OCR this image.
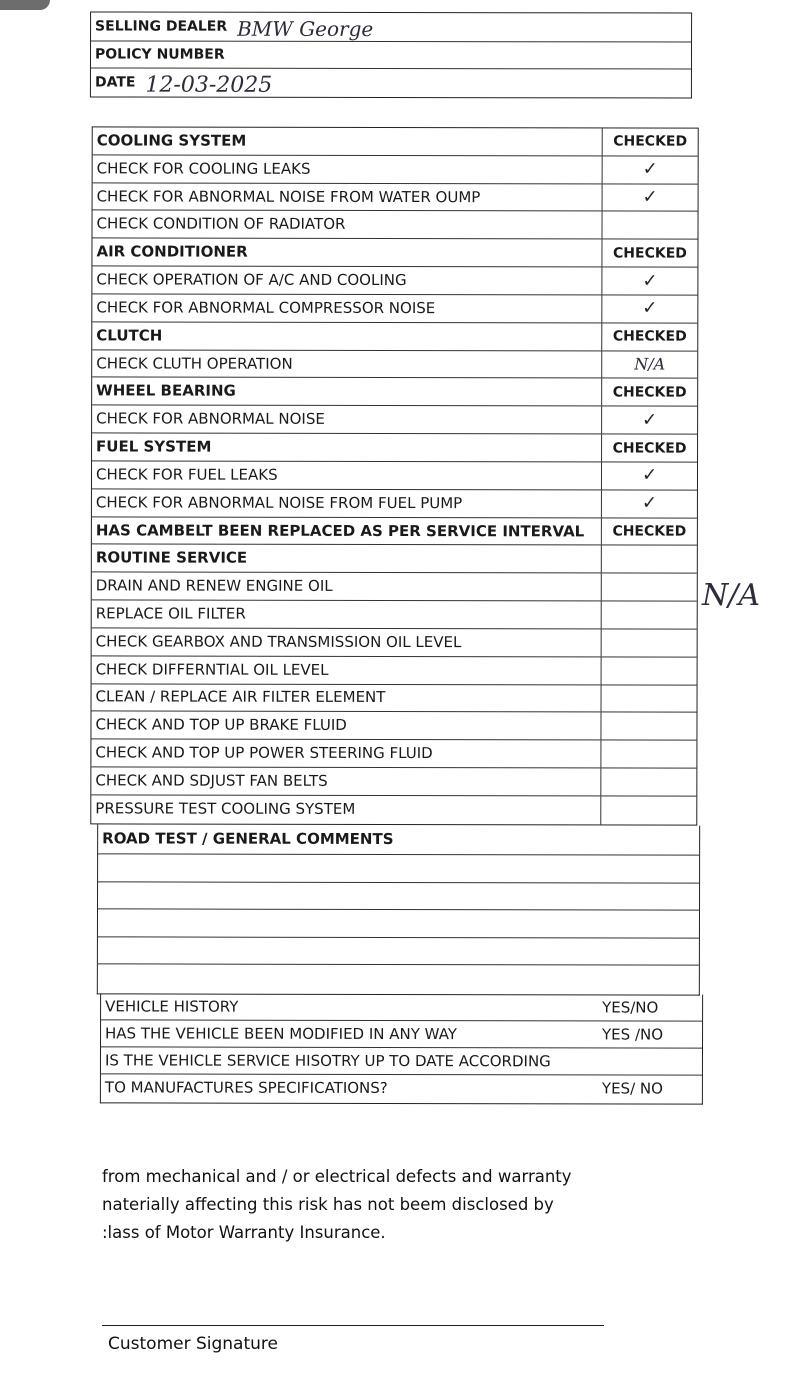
SELLING DEALER BMW George
POLICY NUMBER
DATE 12-03-2025
COOLING SYSTEM	CHECKED
CHECK FOR COOLING LEAKS	✓
CHECK FOR ABNORMAL NOISE FROM WATER OUMP	✓
CHECK CONDITION OF RADIATOR
AIR CONDITIONER	CHECKED
CHECK OPERATION OF A/C AND COOLING	✓
CHECK FOR ABNORMAL COMPRESSOR NOISE	✓
CLUTCH	CHECKED
CHECK CLUTH OPERATION	N/A
WHEEL BEARING	CHECKED
CHECK FOR ABNORMAL NOISE	✓
FUEL SYSTEM	CHECKED
CHECK FOR FUEL LEAKS	✓
CHECK FOR ABNORMAL NOISE FROM FUEL PUMP	✓
HAS CAMBELT BEEN REPLACED AS PER SERVICE INTERVAL	CHECKED
ROUTINE SERVICE
DRAIN AND RENEW ENGINE OIL
REPLACE OIL FILTER
CHECK GEARBOX AND TRANSMISSION OIL LEVEL
CHECK DIFFERNTIAL OIL LEVEL
CLEAN / REPLACE AIR FILTER ELEMENT
CHECK AND TOP UP BRAKE FLUID
CHECK AND TOP UP POWER STEERING FLUID
CHECK AND SDJUST FAN BELTS
PRESSURE TEST COOLING SYSTEM
N/A
ROAD TEST / GENERAL COMMENTS
VEHICLE HISTORY	YES/NO
HAS THE VEHICLE BEEN MODIFIED IN ANY WAY	YES /NO
IS THE VEHICLE SERVICE HISOTRY UP TO DATE ACCORDING
TO MANUFACTURES SPECIFICATIONS?	YES/ NO
from mechanical and / or electrical defects and warranty
naterially affecting this risk has not beem disclosed by
:lass of Motor Warranty Insurance.
Customer Signature
